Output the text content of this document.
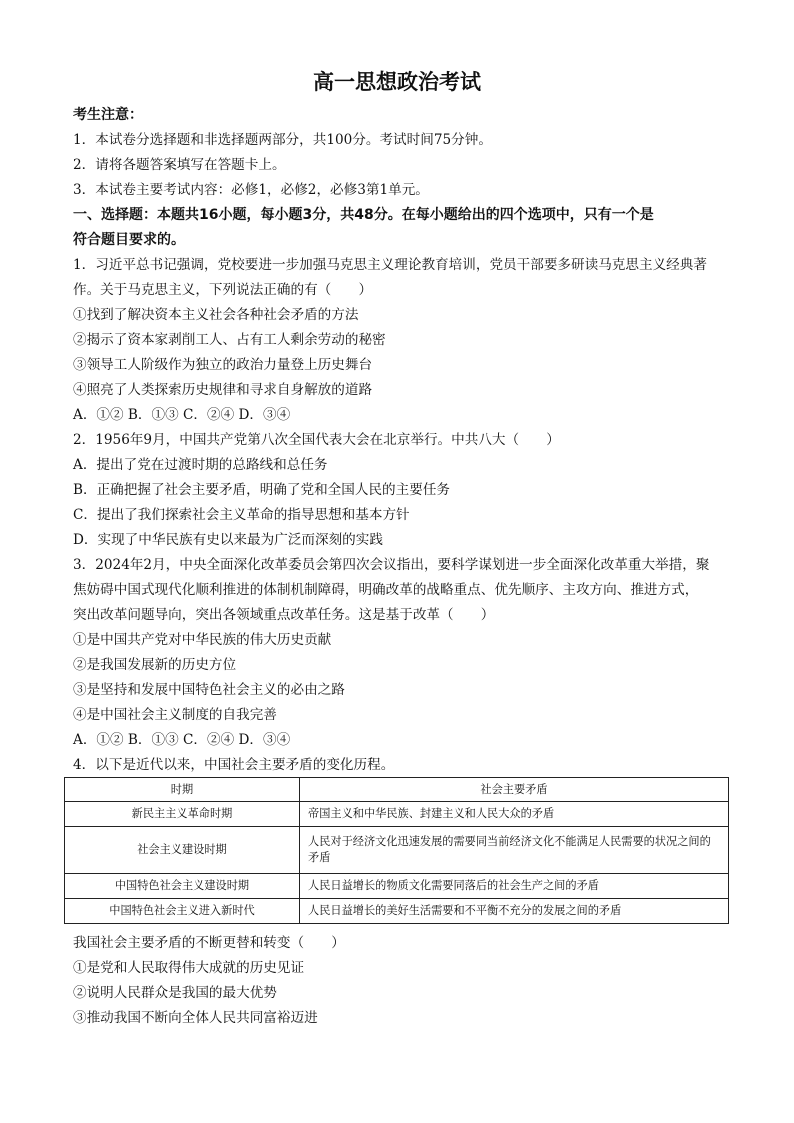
高一思想政治考试
考生注意：
1．本试卷分选择题和非选择题两部分，共100分。考试时间75分钟。
2．请将各题答案填写在答题卡上。
3．本试卷主要考试内容：必修1，必修2，必修3第1单元。
一、选择题：本题共16小题，每小题3分，共48分。在每小题给出的四个选项中，只有一个是
符合题目要求的。
1．习近平总书记强调，党校要进一步加强马克思主义理论教育培训，党员干部要多研读马克思主义经典著
作。关于马克思主义，下列说法正确的有（　　）
①找到了解决资本主义社会各种社会矛盾的方法
②揭示了资本家剥削工人、占有工人剩余劳动的秘密
③领导工人阶级作为独立的政治力量登上历史舞台
④照亮了人类探索历史规律和寻求自身解放的道路
A．①② B．①③ C．②④ D．③④
2．1956年9月，中国共产党第八次全国代表大会在北京举行。中共八大（　　）
A．提出了党在过渡时期的总路线和总任务
B．正确把握了社会主要矛盾，明确了党和全国人民的主要任务
C．提出了我们探索社会主义革命的指导思想和基本方针
D．实现了中华民族有史以来最为广泛而深刻的实践
3．2024年2月，中央全面深化改革委员会第四次会议指出，要科学谋划进一步全面深化改革重大举措，聚
焦妨碍中国式现代化顺利推进的体制机制障碍，明确改革的战略重点、优先顺序、主攻方向、推进方式，
突出改革问题导向，突出各领域重点改革任务。这是基于改革（　　）
①是中国共产党对中华民族的伟大历史贡献
②是我国发展新的历史方位
③是坚持和发展中国特色社会主义的必由之路
④是中国社会主义制度的自我完善
A．①② B．①③ C．②④ D．③④
4．以下是近代以来，中国社会主要矛盾的变化历程。
时期	社会主要矛盾
新民主主义革命时期	帝国主义和中华民族、封建主义和人民大众的矛盾
社会主义建设时期	人民对于经济文化迅速发展的需要同当前经济文化不能满足人民需要的状况之间的矛盾
中国特色社会主义建设时期	人民日益增长的物质文化需要同落后的社会生产之间的矛盾
中国特色社会主义进入新时代	人民日益增长的美好生活需要和不平衡不充分的发展之间的矛盾
我国社会主要矛盾的不断更替和转变（　　）
①是党和人民取得伟大成就的历史见证
②说明人民群众是我国的最大优势
③推动我国不断向全体人民共同富裕迈进
